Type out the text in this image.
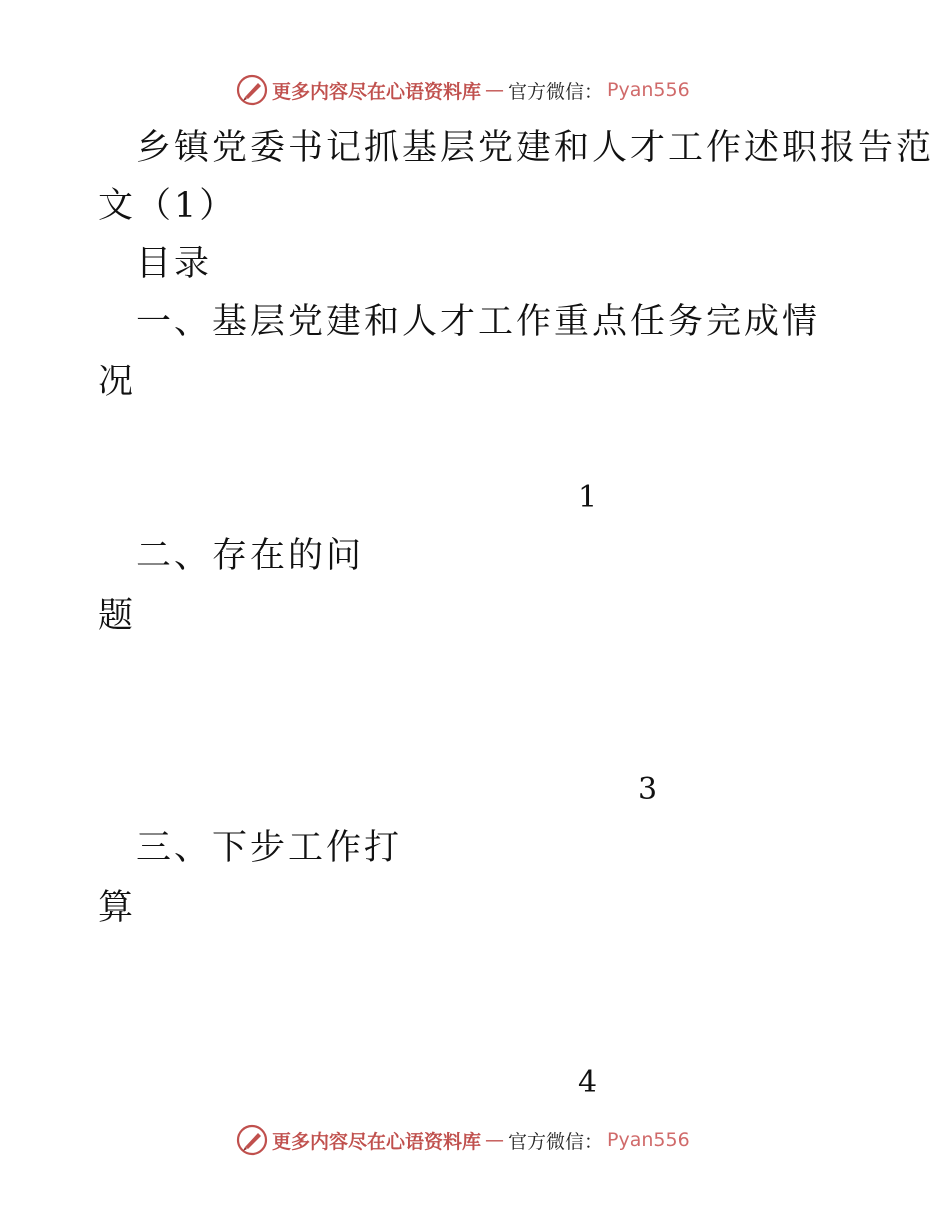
更多内容尽在心语资料库 — 官方微信： Pyan556
乡镇党委书记抓基层党建和人才工作述职报告范
文（1）
目录
一、基层党建和人才工作重点任务完成情
况
1
二、存在的问
题
3
三、下步工作打
算
4
更多内容尽在心语资料库 — 官方微信： Pyan556
